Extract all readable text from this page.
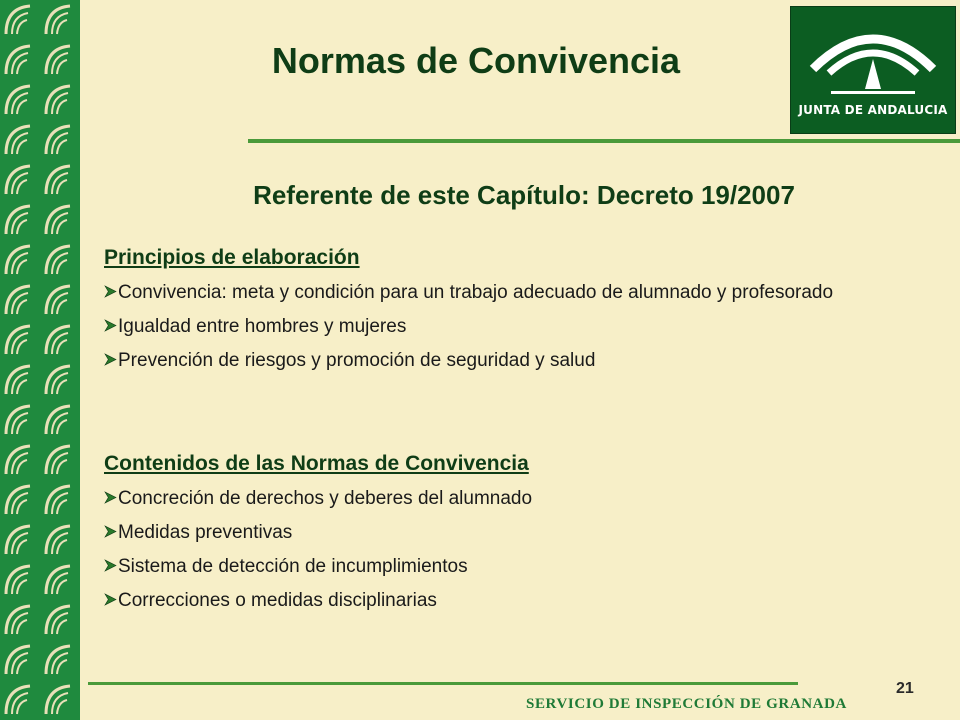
Normas de Convivencia
JUNTA DE ANDALUCIA
Referente de este Capítulo: Decreto 19/2007

Principios de elaboración

Convivencia: meta y condición para un trabajo adecuado de alumnado y profesorado

Igualdad entre hombres y mujeres

Prevención de riesgos y promoción de seguridad y salud

Contenidos de las Normas de Convivencia

Concreción de derechos y deberes del alumnado

Medidas preventivas

Sistema de detección de incumplimientos

Correcciones o medidas disciplinarias

21
SERVICIO DE INSPECCIÓN DE GRANADA
